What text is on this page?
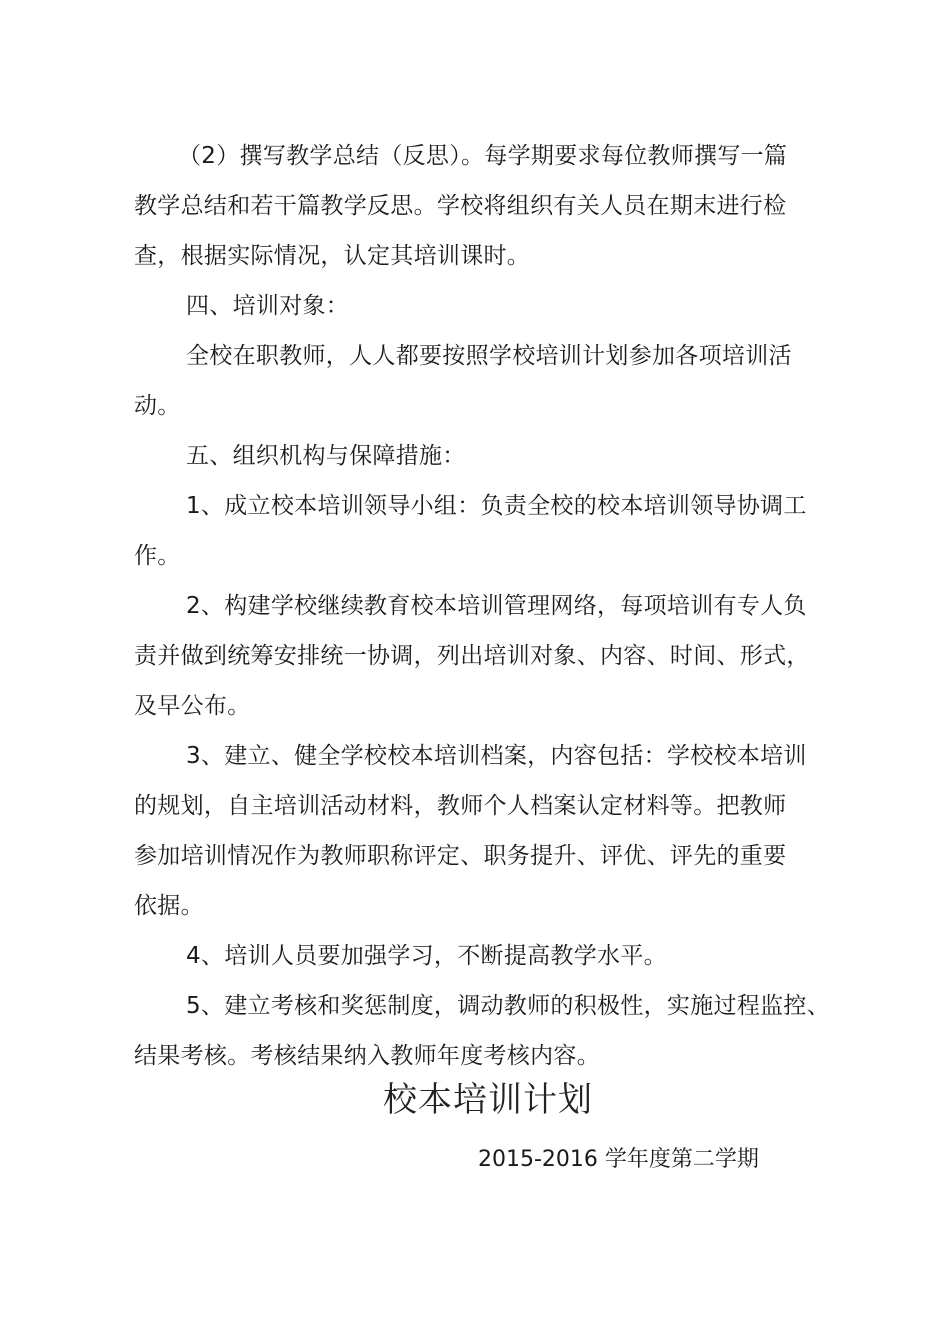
（2）撰写教学总结（反思）。每学期要求每位教师撰写一篇
教学总结和若干篇教学反思。学校将组织有关人员在期末进行检
查，根据实际情况，认定其培训课时。
四、培训对象：
全校在职教师，人人都要按照学校培训计划参加各项培训活
动。
五、组织机构与保障措施：
1、成立校本培训领导小组：负责全校的校本培训领导协调工
作。
2、构建学校继续教育校本培训管理网络，每项培训有专人负
责并做到统筹安排统一协调，列出培训对象、内容、时间、形式，
及早公布。
3、建立、健全学校校本培训档案，内容包括：学校校本培训
的规划，自主培训活动材料，教师个人档案认定材料等。把教师
参加培训情况作为教师职称评定、职务提升、评优、评先的重要
依据。
4、培训人员要加强学习，不断提高教学水平。
5、建立考核和奖惩制度，调动教师的积极性，实施过程监控、
结果考核。考核结果纳入教师年度考核内容。
校本培训计划
2015-2016 学年度第二学期
